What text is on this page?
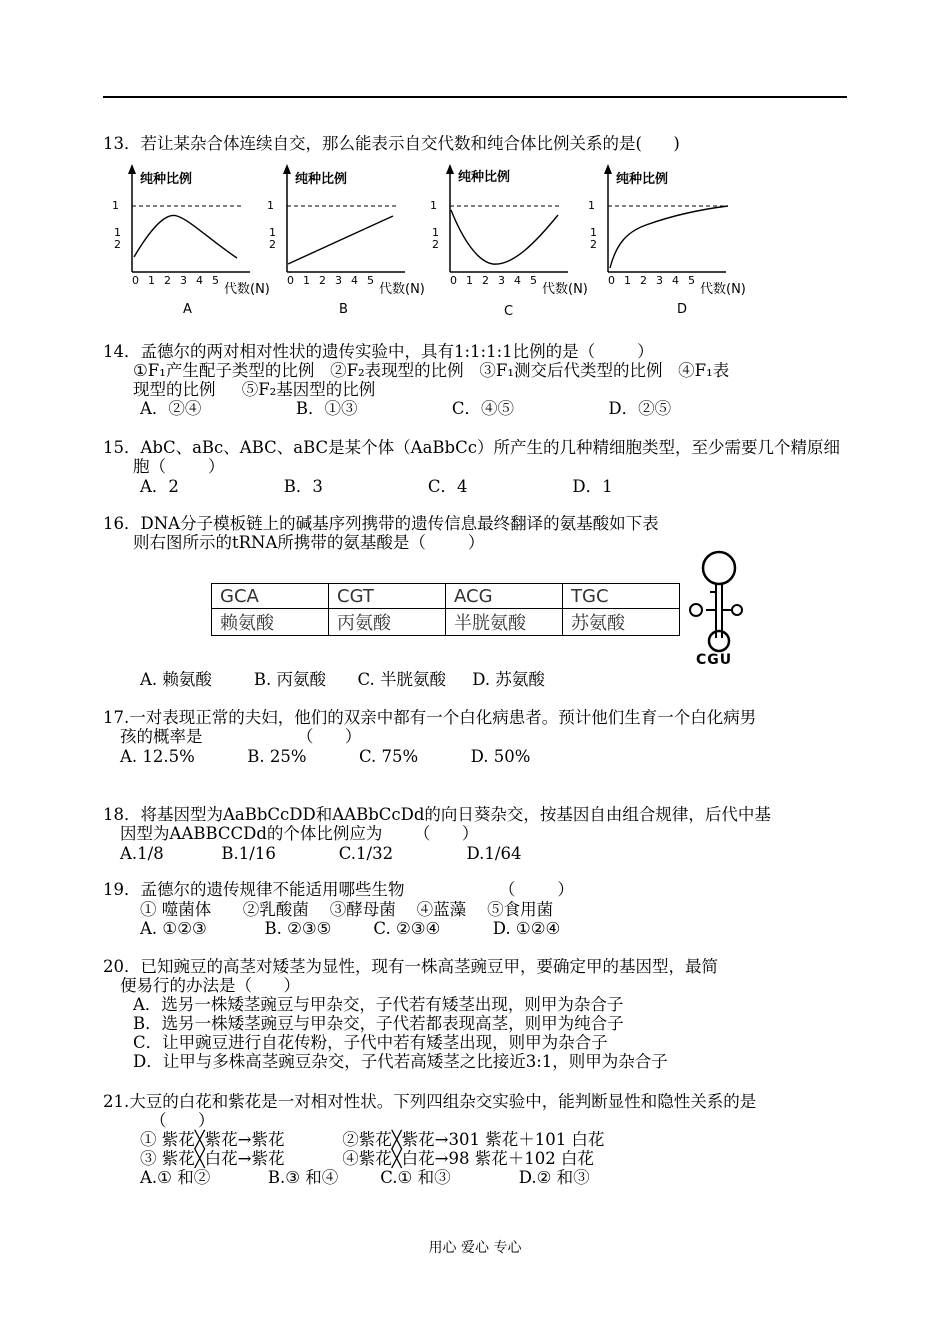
13．若让某杂合体连续自交，那么能表示自交代数和纯合体比例关系的是(      )
纯种比例
1
1
2
0 1 2 3 4 5
代数(N)
A
纯种比例
1
1
2
0 1 2 3 4 5
代数(N)
B
纯种比例
1
1
2
0 1 2 3 4 5
代数(N)
C
纯种比例
1
1
2
0 1 2 3 4 5
代数(N)
D
14．孟德尔的两对相对性状的遗传实验中，具有1:1:1:1比例的是（        ）
①F₁产生配子类型的比例   ②F₂表现型的比例   ③F₁测交后代类型的比例   ④F₁表
现型的比例     ⑤F₂基因型的比例
A．②④                  B．①③                  C．④⑤                  D．②⑤
15．AbC、aBc、ABC、aBC是某个体（AaBbCc）所产生的几种精细胞类型，至少需要几个精原细
胞（        ）
A．2                    B．3                    C．4                    D．1
16．DNA分子模板链上的碱基序列携带的遗传信息最终翻译的氨基酸如下表
则右图所示的tRNA所携带的氨基酸是（        ）
GCA	CGT	ACG	TGC
赖氨酸	丙氨酸	半胱氨酸	苏氨酸
CGU
A. 赖氨酸        B. 丙氨酸      C. 半胱氨酸     D. 苏氨酸
17.一对表现正常的夫妇，他们的双亲中都有一个白化病患者。预计他们生育一个白化病男
孩的概率是                  （      ）
A. 12.5%          B. 25%          C. 75%          D. 50%
18．将基因型为AaBbCcDD和AABbCcDd的向日葵杂交，按基因自由组合规律，后代中基
因型为AABBCCDd的个体比例应为      （      ）
A.1/8           B.1/16            C.1/32              D.1/64
19．孟德尔的遗传规律不能适用哪些生物                  （        ）
① 噬菌体      ②乳酸菌    ③酵母菌    ④蓝藻    ⑤食用菌
A. ①②③           B. ②③⑤        C. ②③④          D. ①②④
20．已知豌豆的高茎对矮茎为显性，现有一株高茎豌豆甲，要确定甲的基因型，最简
便易行的办法是（      ）
A．选另一株矮茎豌豆与甲杂交，子代若有矮茎出现，则甲为杂合子
B．选另一株矮茎豌豆与甲杂交，子代若都表现高茎，则甲为纯合子
C．让甲豌豆进行自花传粉，子代中若有矮茎出现，则甲为杂合子
D．让甲与多株高茎豌豆杂交，子代若高矮茎之比接近3:1，则甲为杂合子
21.大豆的白花和紫花是一对相对性状。下列四组杂交实验中，能判断显性和隐性关系的是
（      ）
① 紫花╳紫花→紫花           ②紫花╳紫花→301 紫花＋101 白花
③ 紫花╳白花→紫花           ④紫花╳白花→98 紫花＋102 白花
A.① 和②           B.③ 和④        C.① 和③             D.② 和③
用心 爱心 专心
